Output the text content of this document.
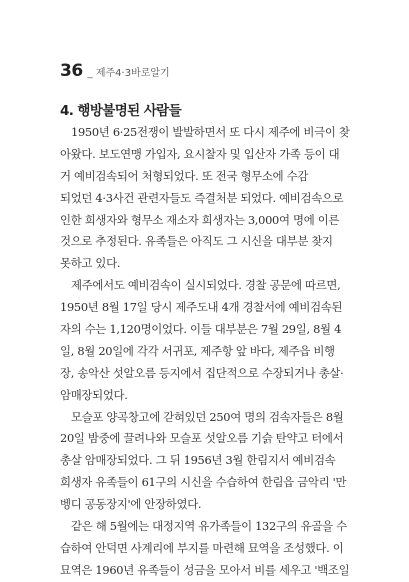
36 _ 제주4·3바로알기
4. 행방불명된 사람들
1950년 6·25전쟁이 발발하면서 또 다시 제주에 비극이 찾
아왔다. 보도연맹 가입자, 요시찰자 및 입산자 가족 등이 대
거 예비검속되어 처형되었다. 또 전국 형무소에 수감
되었던 4·3사건 관련자들도 즉결처분 되었다. 예비검속으로
인한 희생자와 형무소 재소자 희생자는 3,000여 명에 이른
것으로 추정된다. 유족들은 아직도 그 시신을 대부분 찾지
못하고 있다.
제주에서도 예비검속이 실시되었다. 경찰 공문에 따르면,
1950년 8월 17일 당시 제주도내 4개 경찰서에 예비검속된
자의 수는 1,120명이었다. 이들 대부분은 7월 29일, 8월 4
일, 8월 20일에 각각 서귀포, 제주항 앞 바다, 제주읍 비행
장, 송악산 섯알오름 등지에서 집단적으로 수장되거나 총살·
암매장되었다.
모슬포 양곡창고에 갇혀있던 250여 명의 검속자들은 8월
20일 밤중에 끌려나와 모슬포 섯알오름 기슭 탄약고 터에서
총살 암매장되었다. 그 뒤 1956년 3월 한림지서 예비검속
희생자 유족들이 61구의 시신을 수습하여 한림읍 금악리 '만
벵디 공동장지'에 안장하였다.
같은 해 5월에는 대정지역 유가족들이 132구의 유골을 수
습하여 안덕면 사계리에 부지를 마련해 묘역을 조성했다. 이
묘역은 1960년 유족들이 성금을 모아서 비를 세우고 '백조일
